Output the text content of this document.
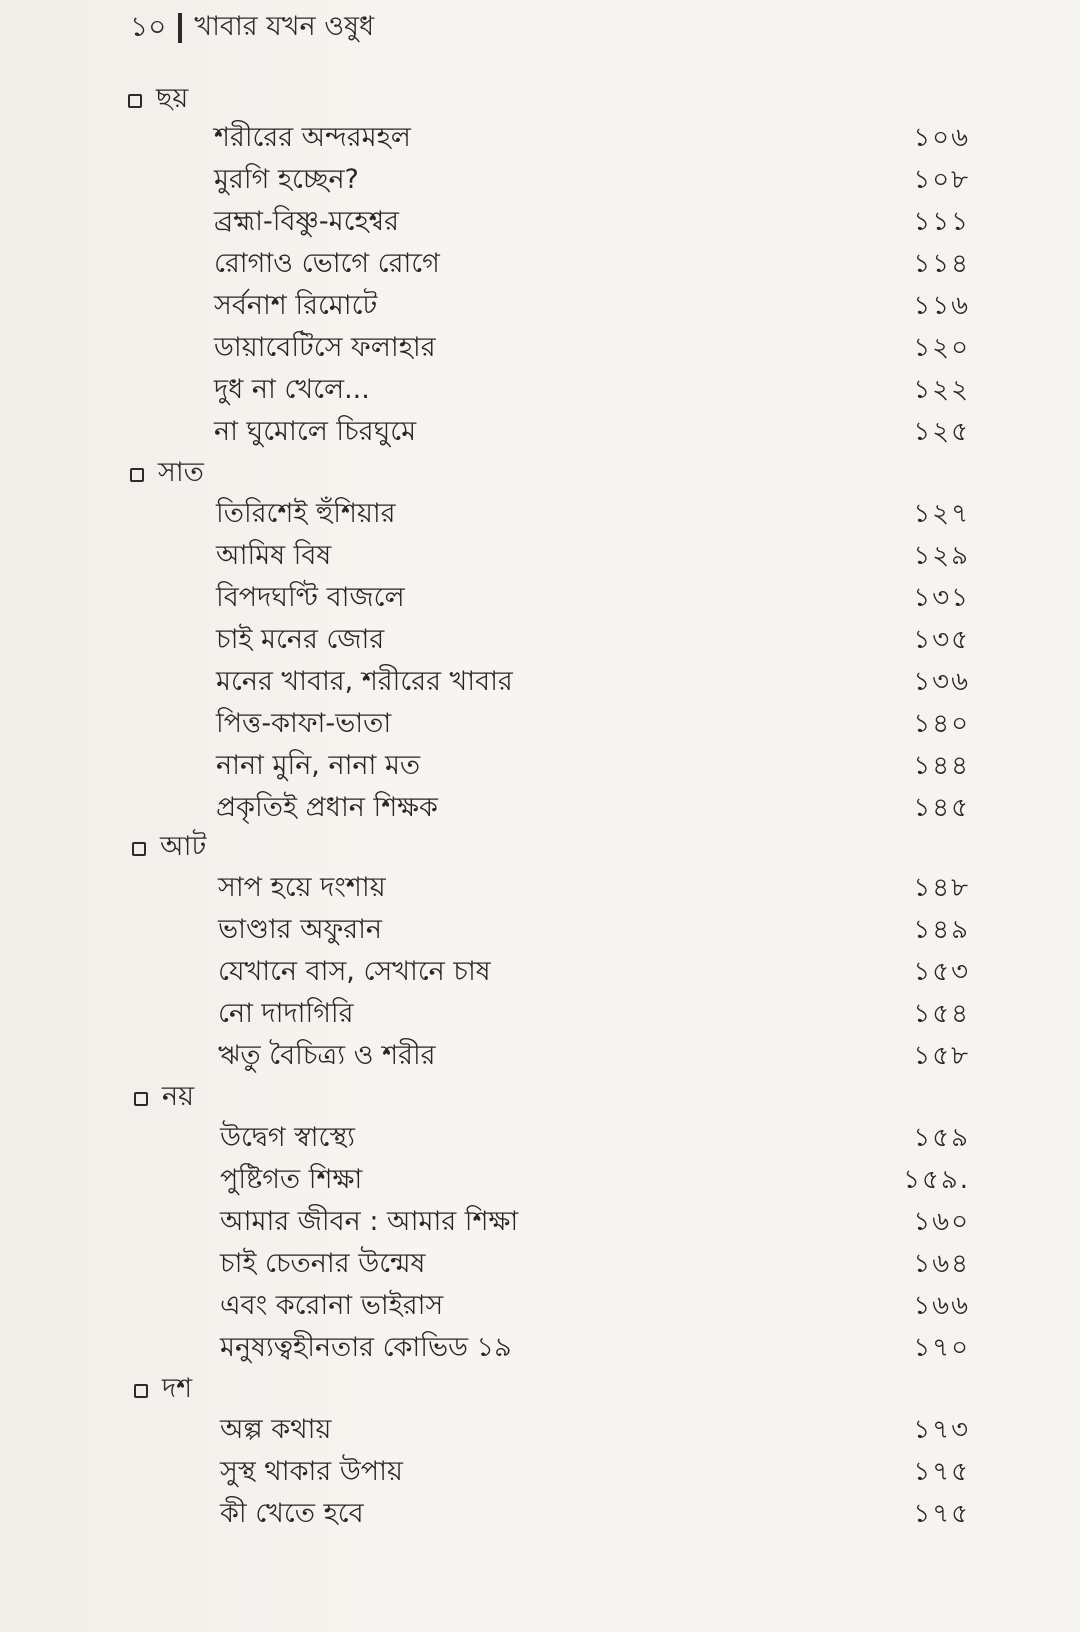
১০ খাবার যখন ওষুধ
ছয়
শরীরের অন্দরমহল	১০৬
মুরগি হচ্ছেন?	১০৮
ব্রহ্মা-বিষ্ণু-মহেশ্বর	১১১
রোগাও ভোগে রোগে	১১৪
সর্বনাশ রিমোটে	১১৬
ডায়াবেটিসে ফলাহার	১২০
দুধ না খেলে...	১২২
না ঘুমোলে চিরঘুমে	১২৫
সাত
তিরিশেই হুঁশিয়ার	১২৭
আমিষ বিষ	১২৯
বিপদঘণ্টি বাজলে	১৩১
চাই মনের জোর	১৩৫
মনের খাবার, শরীরের খাবার	১৩৬
পিত্ত-কাফা-ভাতা	১৪০
নানা মুনি, নানা মত	১৪৪
প্রকৃতিই প্রধান শিক্ষক	১৪৫
আট
সাপ হয়ে দংশায়	১৪৮
ভাণ্ডার অফুরান	১৪৯
যেখানে বাস, সেখানে চাষ	১৫৩
নো দাদাগিরি	১৫৪
ঋতু বৈচিত্র্য ও শরীর	১৫৮
নয়
উদ্বেগ স্বাস্থ্যে	১৫৯
পুষ্টিগত শিক্ষা	১৫৯.
আমার জীবন : আমার শিক্ষা	১৬০
চাই চেতনার উন্মেষ	১৬৪
এবং করোনা ভাইরাস	১৬৬
মনুষ্যত্বহীনতার কোভিড ১৯	১৭০
দশ
অল্প কথায়	১৭৩
সুস্থ থাকার উপায়	১৭৫
কী খেতে হবে	১৭৫
